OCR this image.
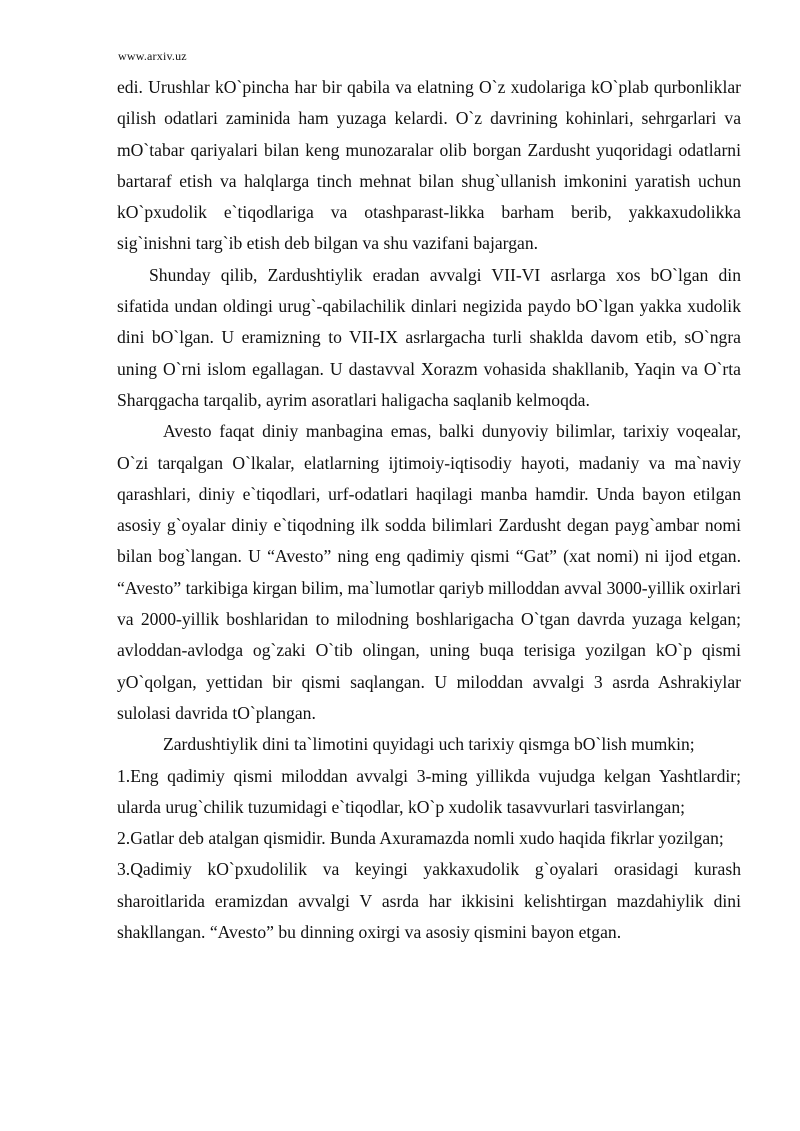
www.arxiv.uz

edi. Urushlar kO`pincha har bir qabila va elatning O`z xudolariga kO`plab qurbonliklar qilish odatlari zaminida ham yuzaga kelardi. O`z davrining kohinlari, sehrgarlari va mO`tabar qariyalari bilan keng munozaralar olib borgan Zardusht yuqoridagi odatlarni bartaraf etish va halqlarga tinch mehnat bilan shug`ullanish imkonini yaratish uchun kO`pxudolik e`tiqodlariga va otashparast-likka barham berib, yakkaxudolikka sig`inishni targ`ib etish deb bilgan va shu vazifani bajargan.

Shunday qilib, Zardushtiylik eradan avvalgi VII-VI asrlarga xos bO`lgan din sifatida undan oldingi urug`-qabilachilik dinlari negizida paydo bO`lgan yakka xudolik dini bO`lgan. U eramizning to VII-IX asrlargacha turli shaklda davom etib, sO`ngra uning O`rni islom egallagan. U dastavval Xorazm vohasida shakllanib, Yaqin va O`rta Sharqgacha tarqalib, ayrim asoratlari haligacha saqlanib kelmoqda.

Avesto faqat diniy manbagina emas, balki dunyoviy bilimlar, tarixiy voqealar, O`zi tarqalgan O`lkalar, elatlarning ijtimoiy-iqtisodiy hayoti, madaniy va ma`naviy qarashlari, diniy e`tiqodlari, urf-odatlari haqilagi manba hamdir. Unda bayon etilgan asosiy g`oyalar diniy e`tiqodning ilk sodda bilimlari Zardusht degan payg`ambar nomi bilan bog`langan. U “Avesto” ning eng qadimiy qismi “Gat” (xat nomi) ni ijod etgan. “Avesto” tarkibiga kirgan bilim, ma`lumotlar qariyb milloddan avval 3000-yillik oxirlari va 2000-yillik boshlaridan to milodning boshlarigacha O`tgan davrda yuzaga kelgan; avloddan-avlodga og`zaki O`tib olingan, uning buqa terisiga yozilgan kO`p qismi yO`qolgan, yettidan bir qismi saqlangan. U miloddan avvalgi 3 asrda Ashrakiylar sulolasi davrida tO`plangan.

Zardushtiylik dini ta`limotini quyidagi uch tarixiy qismga bO`lish mumkin;

1.Eng qadimiy qismi miloddan avvalgi 3-ming yillikda vujudga kelgan Yashtlardir; ularda urug`chilik tuzumidagi e`tiqodlar, kO`p xudolik tasavvurlari tasvirlangan;

2.Gatlar deb atalgan qismidir. Bunda Axuramazda nomli xudo haqida fikrlar yozilgan;

3.Qadimiy kO`pxudolilik va keyingi yakkaxudolik g`oyalari orasidagi kurash sharoitlarida eramizdan avvalgi V asrda har ikkisini kelishtirgan mazdahiylik dini shakllangan. “Avesto” bu dinning oxirgi va asosiy qismini bayon etgan.
